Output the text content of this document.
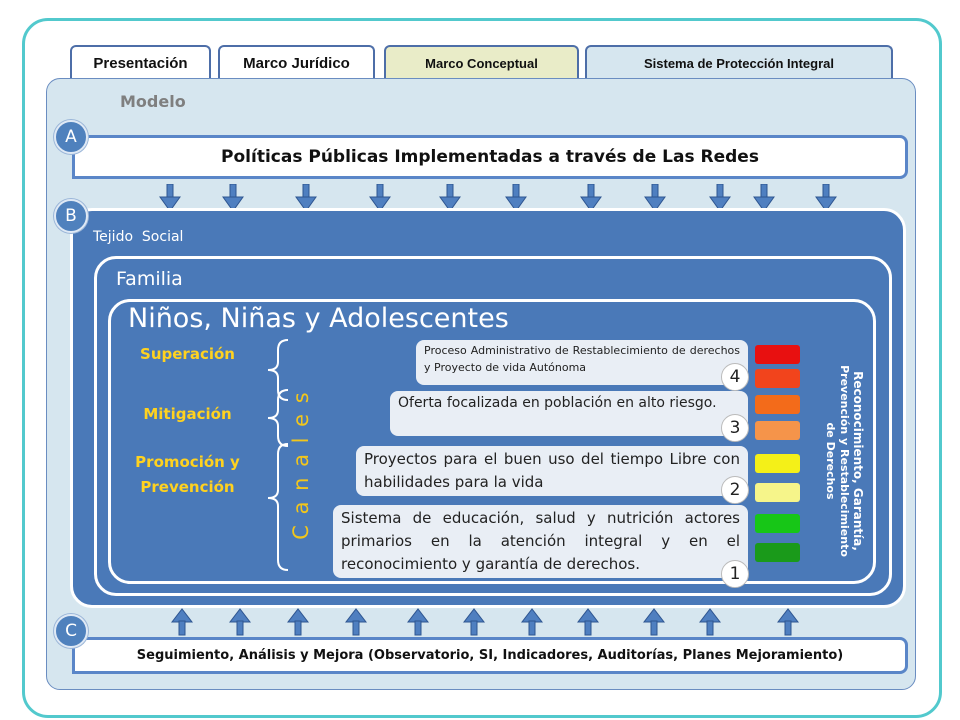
Presentación	Marco Jurídico	Marco Conceptual	Sistema de Protección Integral
Modelo
Políticas Públicas Implementadas a través de Las Redes
A
Tejido  Social
B
Familia
Niños, Niñas y Adolescentes
Superación
Mitigación
Promoción y
Prevención	C a n a l e s
Proceso Administrativo de Restablecimiento de derechos y Proyecto de vida Autónoma
Oferta focalizada en población en alto riesgo.
Proyectos para el buen uso del tiempo Libre con habilidades para la vida
Sistema de educación, salud y nutrición actores primarios en la atención integral y en el reconocimiento y garantía de derechos.
4
3
2
1
Reconocimiento, Garantía,
Prevención y Restablecimiento
de Derechos
Seguimiento, Análisis y Mejora (Observatorio, SI, Indicadores, Auditorías, Planes Mejoramiento)
C
